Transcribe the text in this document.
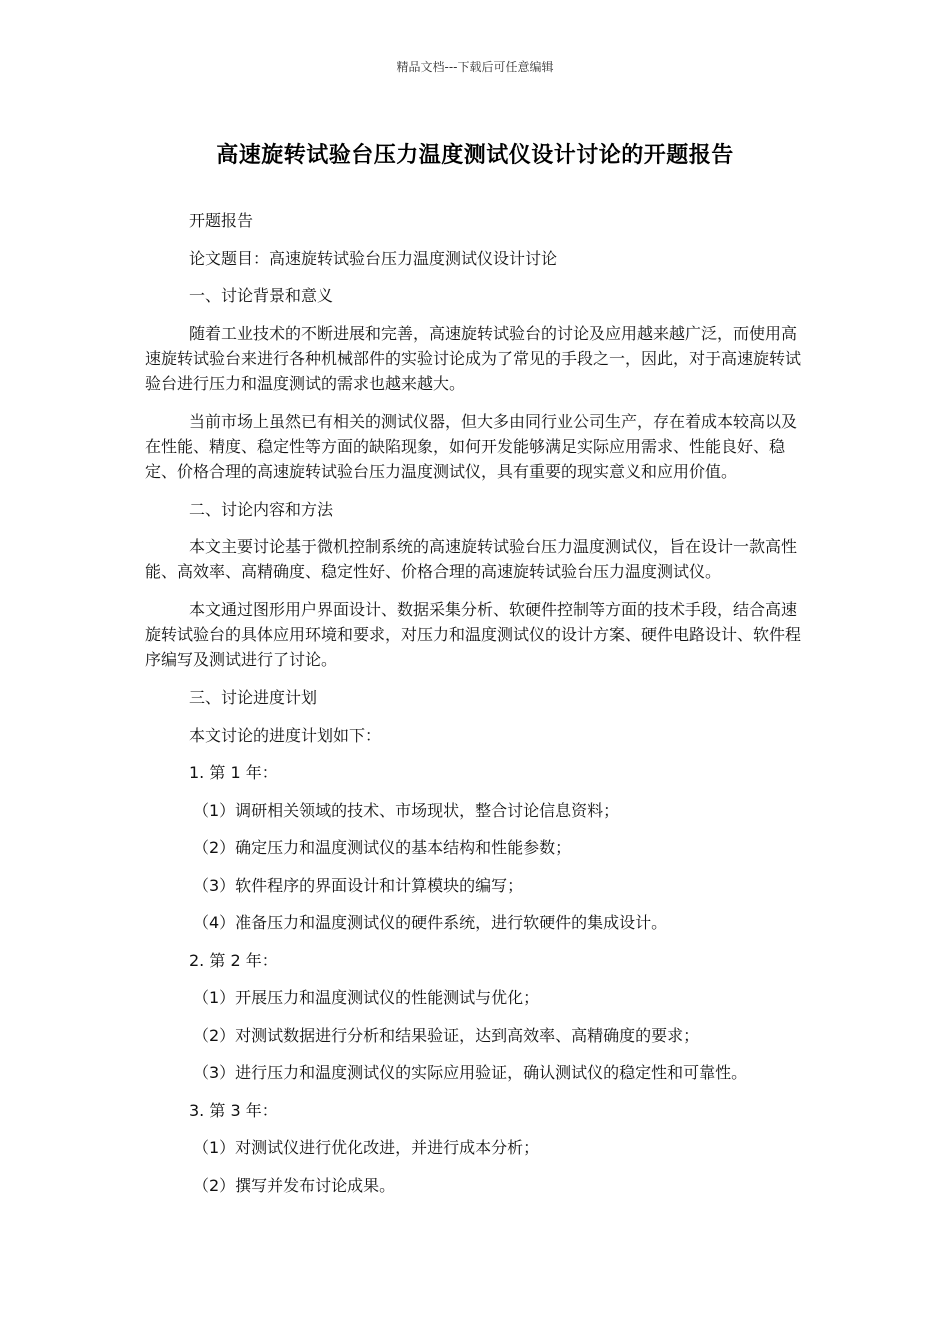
精品文档---下载后可任意编辑
高速旋转试验台压力温度测试仪设计讨论的开题报告
开题报告
论文题目：高速旋转试验台压力温度测试仪设计讨论
一、讨论背景和意义
随着工业技术的不断进展和完善，高速旋转试验台的讨论及应用越来越广泛，而使用高速旋转试验台来进行各种机械部件的实验讨论成为了常见的手段之一，因此，对于高速旋转试验台进行压力和温度测试的需求也越来越大。
当前市场上虽然已有相关的测试仪器，但大多由同行业公司生产，存在着成本较高以及在性能、精度、稳定性等方面的缺陷现象，如何开发能够满足实际应用需求、性能良好、稳定、价格合理的高速旋转试验台压力温度测试仪，具有重要的现实意义和应用价值。
二、讨论内容和方法
本文主要讨论基于微机控制系统的高速旋转试验台压力温度测试仪，旨在设计一款高性能、高效率、高精确度、稳定性好、价格合理的高速旋转试验台压力温度测试仪。
本文通过图形用户界面设计、数据采集分析、软硬件控制等方面的技术手段，结合高速旋转试验台的具体应用环境和要求，对压力和温度测试仪的设计方案、硬件电路设计、软件程序编写及测试进行了讨论。
三、讨论进度计划
本文讨论的进度计划如下：
1. 第 1 年：
（1）调研相关领域的技术、市场现状，整合讨论信息资料；
（2）确定压力和温度测试仪的基本结构和性能参数；
（3）软件程序的界面设计和计算模块的编写；
（4）准备压力和温度测试仪的硬件系统，进行软硬件的集成设计。
2. 第 2 年：
（1）开展压力和温度测试仪的性能测试与优化；
（2）对测试数据进行分析和结果验证，达到高效率、高精确度的要求；
（3）进行压力和温度测试仪的实际应用验证，确认测试仪的稳定性和可靠性。
3. 第 3 年：
（1）对测试仪进行优化改进，并进行成本分析；
（2）撰写并发布讨论成果。
